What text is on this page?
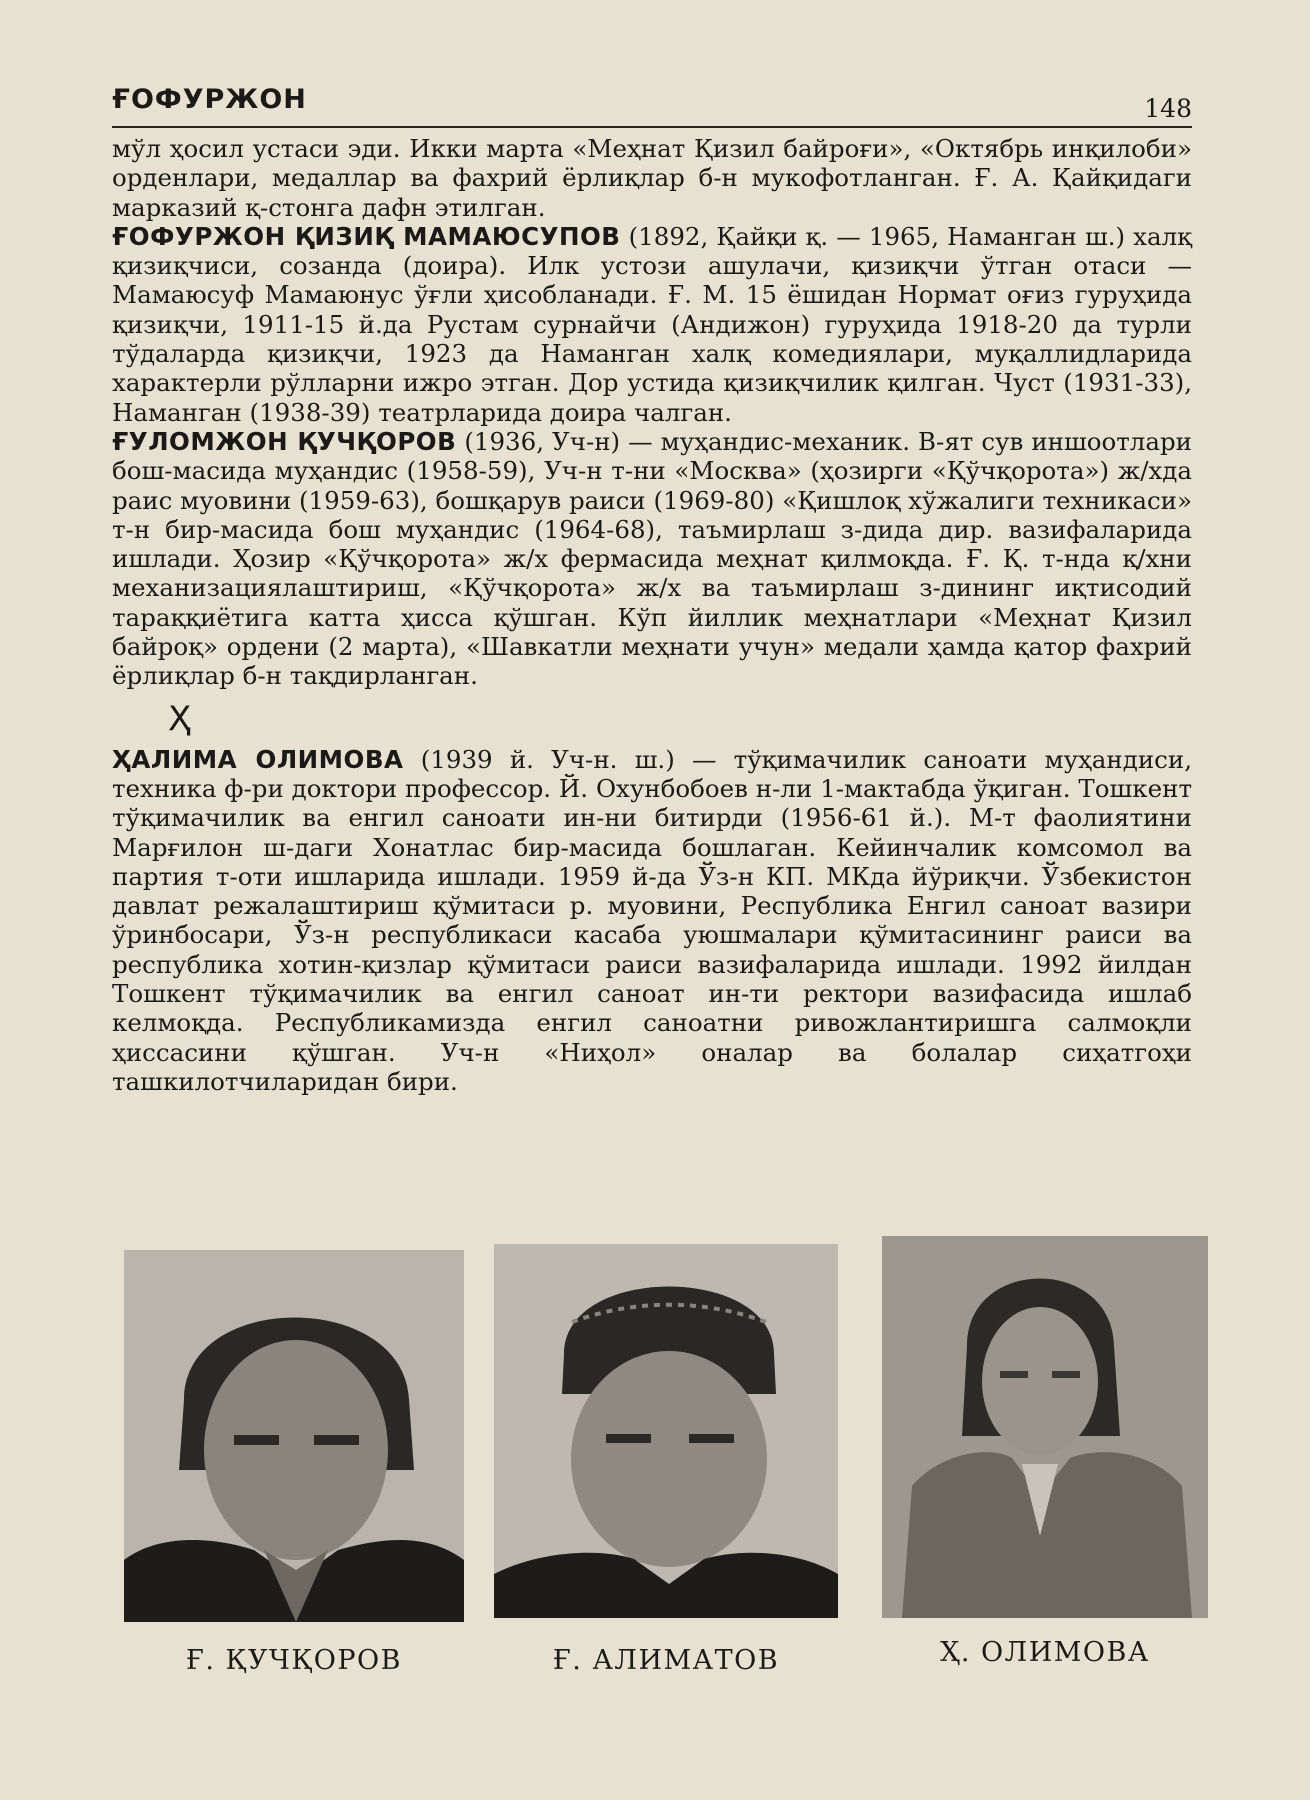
ҒОФУРЖОН	148

мўл ҳосил устаси эди. Икки марта «Меҳнат Қизил байроғи», «Октябрь инқилоби» орденлари, медаллар ва фахрий ёрлиқлар б-н мукофотланган. Ғ. А. Қайқидаги марказий қ-стонга дафн этилган.

ҒОФУРЖОН ҚИЗИҚ МАМАЮСУПОВ (1892, Қайқи қ. — 1965, Наманган ш.) халқ қизиқчиси, созанда (доира). Илк устози ашулачи, қизиқчи ўтган отаси — Мамаюсуф Мамаюнус ўғли ҳисобланади. Ғ. М. 15 ёшидан Нормат оғиз гуруҳида қизиқчи, 1911-15 й.да Рустам сурнайчи (Андижон) гуруҳида 1918-20 да турли тўдаларда қизиқчи, 1923 да Наманган халқ комедиялари, муқаллидларида характерли рўлларни ижро этган. Дор устида қизиқчилик қилган. Чуст (1931-33), Наманган (1938-39) театрларида доира чалган.

ҒУЛОМЖОН ҚУЧҚОРОВ (1936, Уч-н) — муҳандис-механик. В-ят сув иншоотлари бош-масида муҳандис (1958-59), Уч-н т-ни «Москва» (ҳозирги «Қўчқорота») ж/хда раис муовини (1959-63), бошқарув раиси (1969-80) «Қишлоқ хўжалиги техникаси» т-н бир-масида бош муҳандис (1964-68), таъмирлаш з-дида дир. вазифаларида ишлади. Ҳозир «Қўчқорота» ж/х фермасида меҳнат қилмоқда. Ғ. Қ. т-нда қ/хни механизациялаштириш, «Қўчқорота» ж/х ва таъмирлаш з-дининг иқтисодий тараққиётига катта ҳисса қўшган. Кўп йиллик меҳнатлари «Меҳнат Қизил байроқ» ордени (2 марта), «Шавкатли меҳнати учун» медали ҳамда қатор фахрий ёрлиқлар б-н тақдирланган.

Ҳ

ҲАЛИМА ОЛИМОВА (1939 й. Уч-н. ш.) — тўқимачилик саноати муҳандиси, техника ф-ри доктори профессор. Й. Охунбобоев н-ли 1-мактабда ўқиган. Тошкент тўқимачилик ва енгил саноати ин-ни битирди (1956-61 й.). М-т фаолиятини Марғилон ш-даги Хонатлас бир-масида бошлаган. Кейинчалик комсомол ва партия т-оти ишларида ишлади. 1959 й-да Ўз-н КП. МКда йўриқчи. Ўзбекистон давлат режалаштириш қўмитаси р. муовини, Республика Енгил саноат вазири ўринбосари, Ўз-н республикаси касаба уюшмалари қўмитасининг раиси ва республика хотин-қизлар қўмитаси раиси вазифаларида ишлади. 1992 йилдан Тошкент тўқимачилик ва енгил саноат ин-ти ректори вазифасида ишлаб келмоқда. Республикамизда енгил саноатни ривожлантиришга салмоқли ҳиссасини қўшган. Уч-н «Ниҳол» оналар ва болалар сиҳатгоҳи ташкилотчиларидан бири.

Ғ. ҚУЧҚОРОВ	Ғ. АЛИМАТОВ	Ҳ. ОЛИМОВА
